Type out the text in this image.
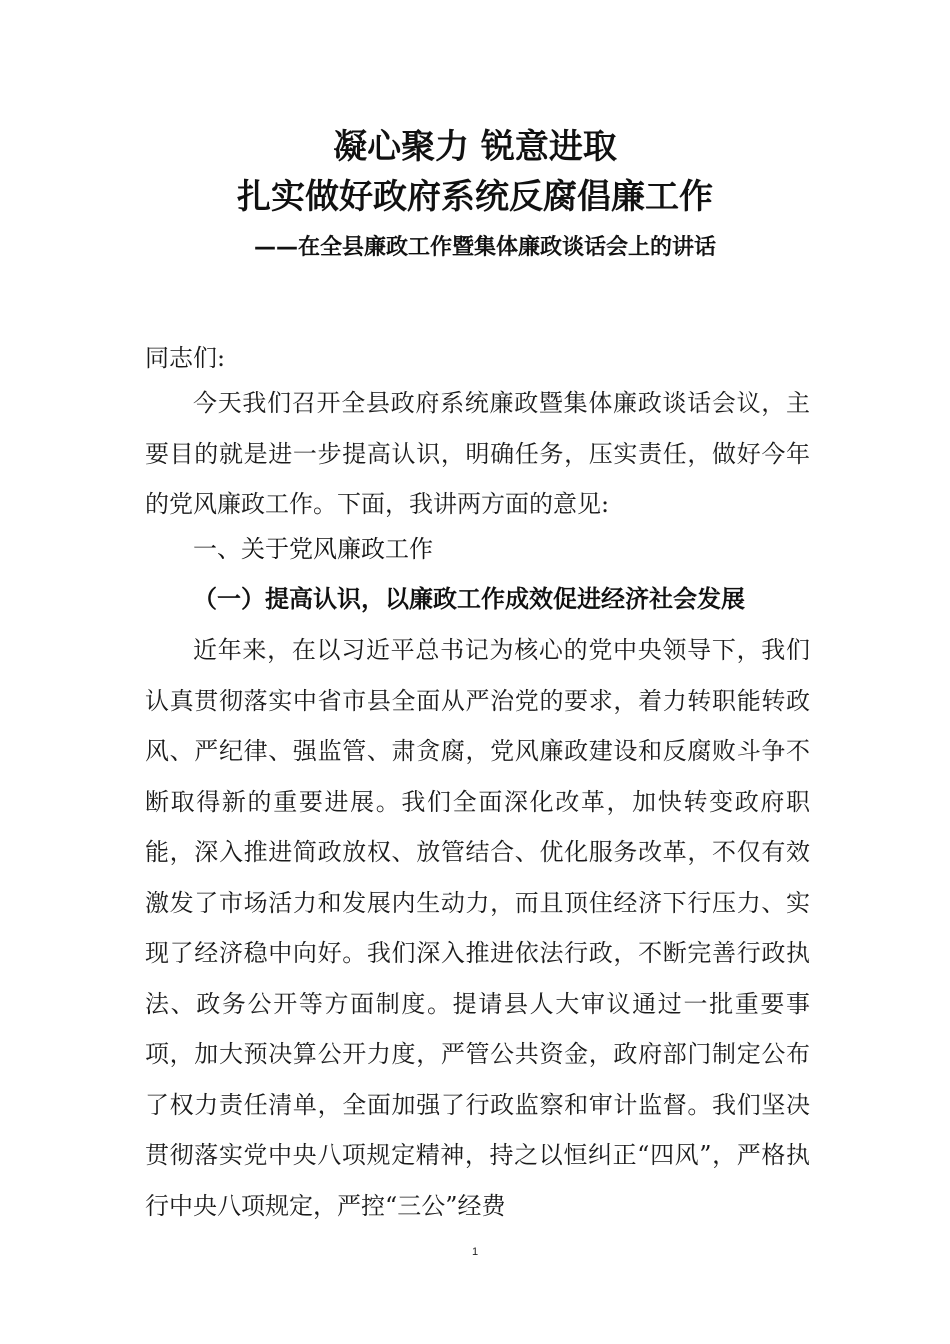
凝心聚力 锐意进取
扎实做好政府系统反腐倡廉工作
——在全县廉政工作暨集体廉政谈话会上的讲话
同志们:
今天我们召开全县政府系统廉政暨集体廉政谈话会议，主要目的就是进一步提高认识，明确任务，压实责任，做好今年的党风廉政工作。下面，我讲两方面的意见:
一、关于党风廉政工作
（一）提高认识，以廉政工作成效促进经济社会发展
近年来，在以习近平总书记为核心的党中央领导下，我们认真贯彻落实中省市县全面从严治党的要求，着力转职能转政风、严纪律、强监管、肃贪腐，党风廉政建设和反腐败斗争不断取得新的重要进展。我们全面深化改革，加快转变政府职能，深入推进简政放权、放管结合、优化服务改革，不仅有效激发了市场活力和发展内生动力，而且顶住经济下行压力、实现了经济稳中向好。我们深入推进依法行政，不断完善行政执法、政务公开等方面制度。提请县人大审议通过一批重要事项，加大预决算公开力度，严管公共资金，政府部门制定公布了权力责任清单，全面加强了行政监察和审计监督。我们坚决贯彻落实党中央八项规定精神，持之以恒纠正“四风”，严格执行中央八项规定，严控“三公”经费
1
